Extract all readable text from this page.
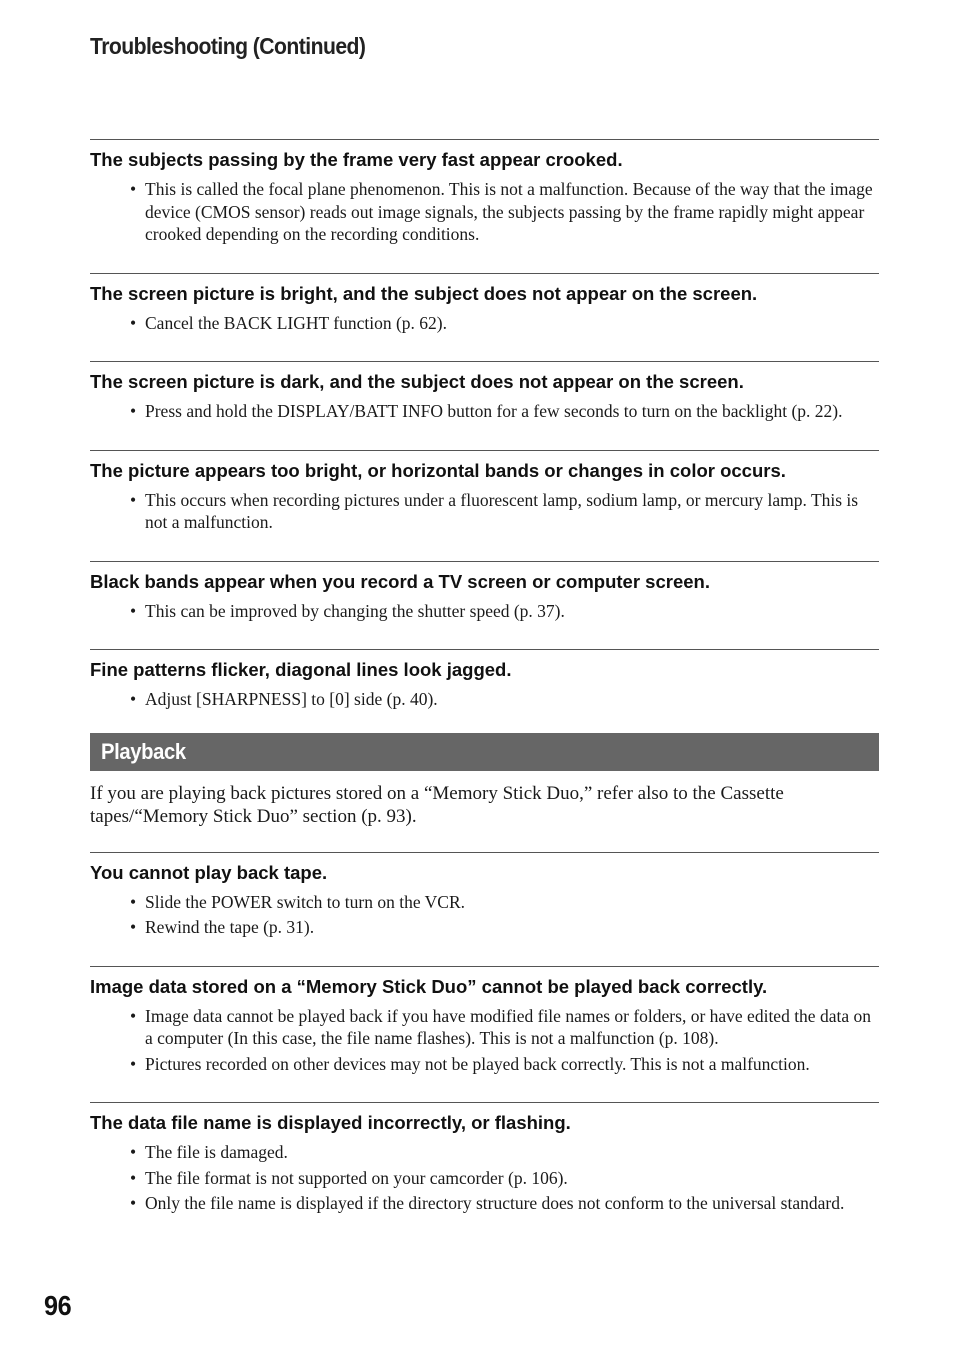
Troubleshooting (Continued)
The subjects passing by the frame very fast appear crooked.
• This is called the focal plane phenomenon. This is not a malfunction. Because of the way that the image device (CMOS sensor) reads out image signals, the subjects passing by the frame rapidly might appear crooked depending on the recording conditions.
The screen picture is bright, and the subject does not appear on the screen.
• Cancel the BACK LIGHT function (p. 62).
The screen picture is dark, and the subject does not appear on the screen.
• Press and hold the DISPLAY/BATT INFO button for a few seconds to turn on the backlight (p. 22).
The picture appears too bright, or horizontal bands or changes in color occurs.
• This occurs when recording pictures under a fluorescent lamp, sodium lamp, or mercury lamp. This is not a malfunction.
Black bands appear when you record a TV screen or computer screen.
• This can be improved by changing the shutter speed (p. 37).
Fine patterns flicker, diagonal lines look jagged.
• Adjust [SHARPNESS] to [0] side (p. 40).
Playback

If you are playing back pictures stored on a “Memory Stick Duo,” refer also to the Cassette tapes/“Memory Stick Duo” section (p. 93).

You cannot play back tape.
• Slide the POWER switch to turn on the VCR.
• Rewind the tape (p. 31).
Image data stored on a “Memory Stick Duo” cannot be played back correctly.
• Image data cannot be played back if you have modified file names or folders, or have edited the data on a computer (In this case, the file name flashes). This is not a malfunction (p. 108).
• Pictures recorded on other devices may not be played back correctly. This is not a malfunction.
The data file name is displayed incorrectly, or flashing.
• The file is damaged.
• The file format is not supported on your camcorder (p. 106).
• Only the file name is displayed if the directory structure does not conform to the universal standard.
96
